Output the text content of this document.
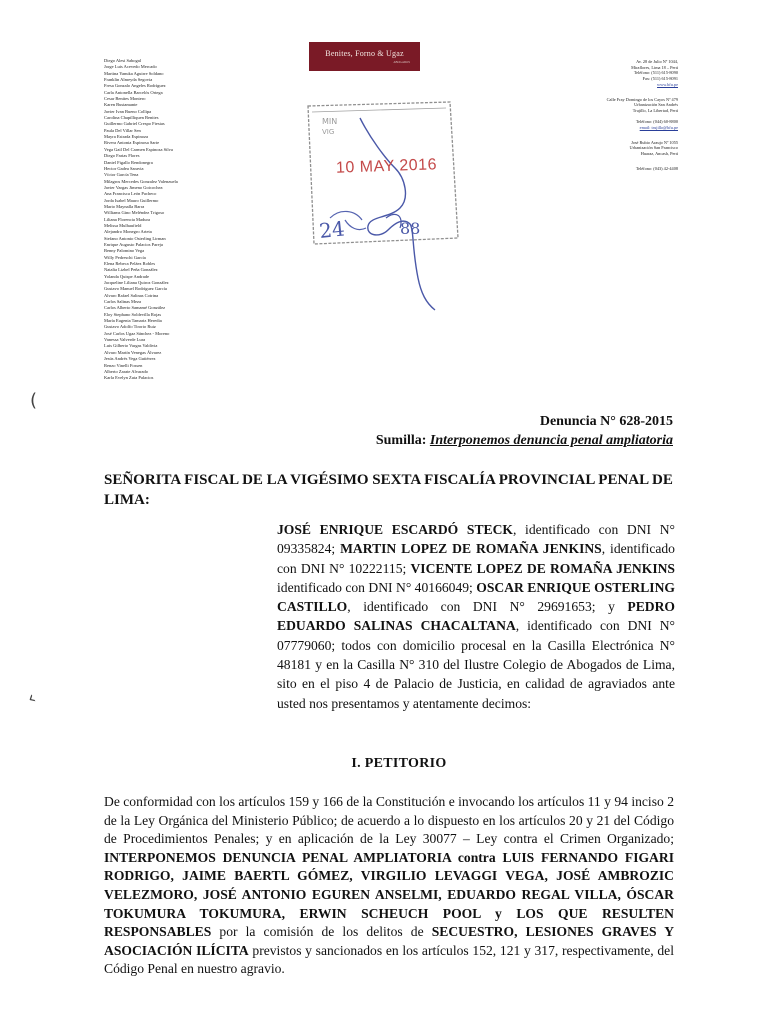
Benites, Forno & Ugaz
ABOGADOS
Diego Alesi Sabogal
Jorge Luis Acevedo Mercado
Martina Yanuka Aguirre Soldano
Franklin Almeyda Segovia
Fresa Gonzalo Angeles Rodríguez
Carla Antonella Barcelós Ortega
Cesar Benites Montero
Karen Bustamante
Javier Ivan Bueno Collipa
Carolina Chapilliquen Benites
Guillermo Gabriel Crespo Fiestas
Paula Del Villar Sen
Mayra Estrada Espinoza
Rivera Antonia Espinosa Sarte
Vega Gail Del Carmen Espinoza Silva
Diego Farias Flores
Daniel Figallo Rendonegra
Hector Gadea Saravia
Víctor García Tena
Milagros Mercedes Gonzalez Valenzuela
Javier Vargas Jimeno Goicochea
Ana Francisca León Pacheco
Jorda Isabel Mauro Guillermo
Mario Maynalla Barra
Williams Gino Meléndez Trigoso
Liliana Florencia Madura
Melissa Mulhaufield
Alejandro Monegro Arteta
Stefano Antonio Osterling Lirman
Enrique Augusto Palacios Pareja
Benny Palomino Vega
Willy Pedreschi García
Elena Rebeca Peláez Robles
Natalia Lizbel Peña González
Yolanda Quispe Andrade
Jacqueline Liliana Quiroz González
Gustavo Manuel Rodríguez García
Alvaro Rafael Salinas Cotrina
Carlos Salinas Meza
Carlos Alberto Samamé González
Eloy Stephano Soldevilla Rojas
María Eugenia Tamariz Heredia
Gustavo Adolfo Tirorio Ruiz
José Carlos Ugaz Sánchez - Moreno
Vanessa Valverde Lura
Luis Gilberto Vargas Valdivia
Alvaro Martín Venegas Álvarez
Jesús Andrés Vega Gutiérrez
Renzo Vinelli Fossen
Alberto Zarate Alvarado
Karla Evelyn Zuta Palacios
Av. 28 de Julio Nº 1044,
Miraflores, Lima 18 – Perú
Teléfono: (511) 615-8090
Fax: (511) 615-8091
www.bfu.pe
Calle Fray Domingo de los Cayos Nº 479
Urbanización San Andrés
Trujillo, La Libertad, Perú

Teléfono: (044) 60-8800
email: trujillo@bfu.pe
José Rubio Araujo Nº 1055
Urbanización San Francisco
Huaraz, Ancash, Perú
Teléfono: (043) 42-4408
MIN
VIG
24	88
10 MAY 2016
Denuncia N° 628-2015
Sumilla: Interponemos denuncia penal ampliatoria
SEÑORITA FISCAL DE LA VIGÉSIMO SEXTA FISCALÍA PROVINCIAL PENAL DE LIMA:
JOSÉ ENRIQUE ESCARDÓ STECK, identificado con DNI N° 09335824; MARTIN LOPEZ DE ROMAÑA JENKINS, identificado con DNI N° 10222115; VICENTE LOPEZ DE ROMAÑA JENKINS identificado con DNI N° 40166049; OSCAR ENRIQUE OSTERLING CASTILLO, identificado con DNI N° 29691653; y PEDRO EDUARDO SALINAS CHACALTANA, identificado con DNI N° 07779060; todos con domicilio procesal en la Casilla Electrónica N° 48181 y en la Casilla N° 310 del Ilustre Colegio de Abogados de Lima, sito en el piso 4 de Palacio de Justicia, en calidad de agraviados ante usted nos presentamos y atentamente decimos:
I. PETITORIO
De conformidad con los artículos 159 y 166 de la Constitución e invocando los artículos 11 y 94 inciso 2 de la Ley Orgánica del Ministerio Público; de acuerdo a lo dispuesto en los artículos 20 y 21 del Código de Procedimientos Penales; y en aplicación de la Ley 30077 – Ley contra el Crimen Organizado; INTERPONEMOS DENUNCIA PENAL AMPLIATORIA contra LUIS FERNANDO FIGARI RODRIGO, JAIME BAERTL GÓMEZ, VIRGILIO LEVAGGI VEGA, JOSÉ AMBROZIC VELEZMORO, JOSÉ ANTONIO EGUREN ANSELMI, EDUARDO REGAL VILLA, ÓSCAR TOKUMURA TOKUMURA, ERWIN SCHEUCH POOL y LOS QUE RESULTEN RESPONSABLES por la comisión de los delitos de SECUESTRO, LESIONES GRAVES Y ASOCIACIÓN ILÍCITA previstos y sancionados en los artículos 152, 121 y 317, respectivamente, del Código Penal en nuestro agravio.
(
‹
